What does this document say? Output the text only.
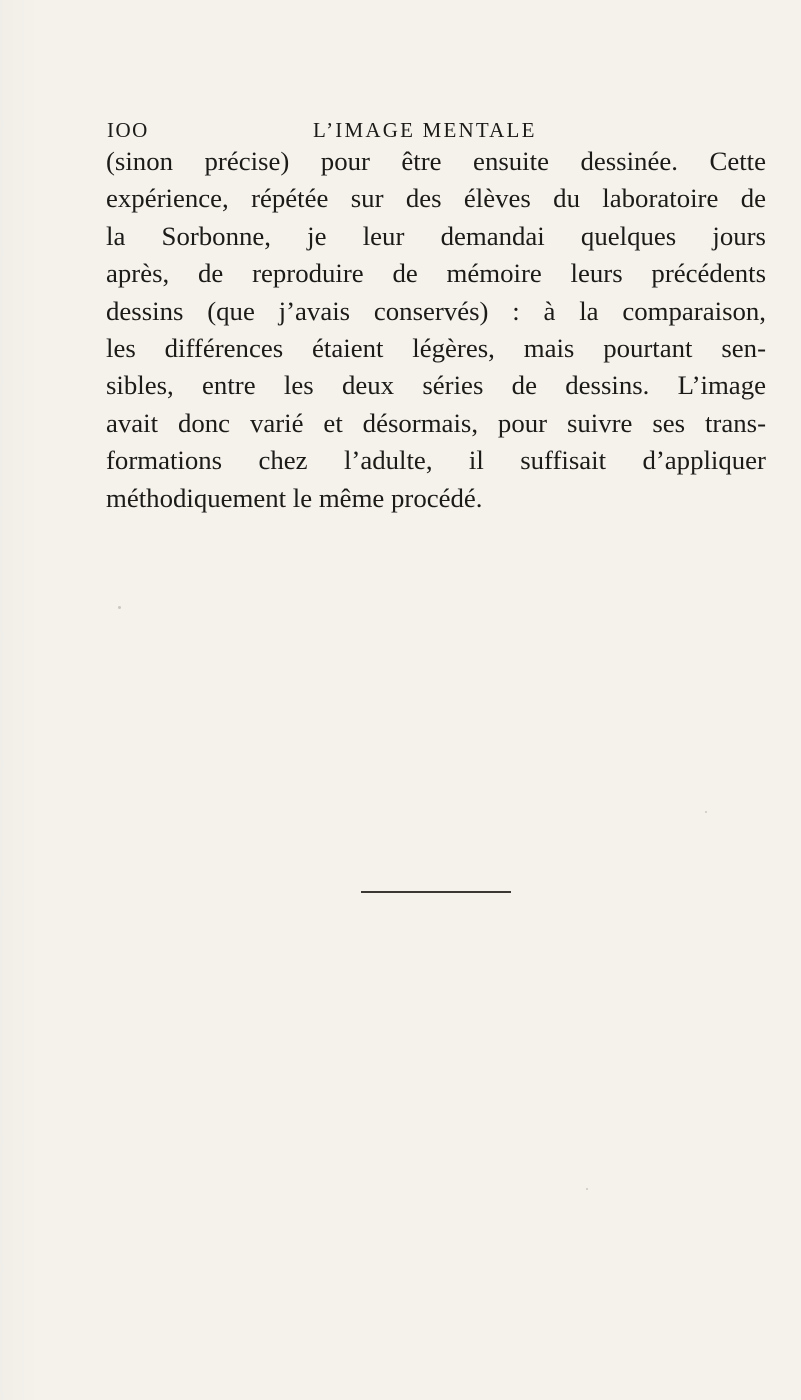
IOO	L’IMAGE MENTALE
(sinon précise) pour être ensuite dessinée. Cette
expérience, répétée sur des élèves du laboratoire de
la Sorbonne, je leur demandai quelques jours
après, de reproduire de mémoire leurs précédents
dessins (que j’avais conservés) : à la comparaison,
les différences étaient légères, mais pourtant sen-
sibles, entre les deux séries de dessins. L’image
avait donc varié et désormais, pour suivre ses trans-
formations chez l’adulte, il suffisait d’appliquer
méthodiquement le même procédé.
